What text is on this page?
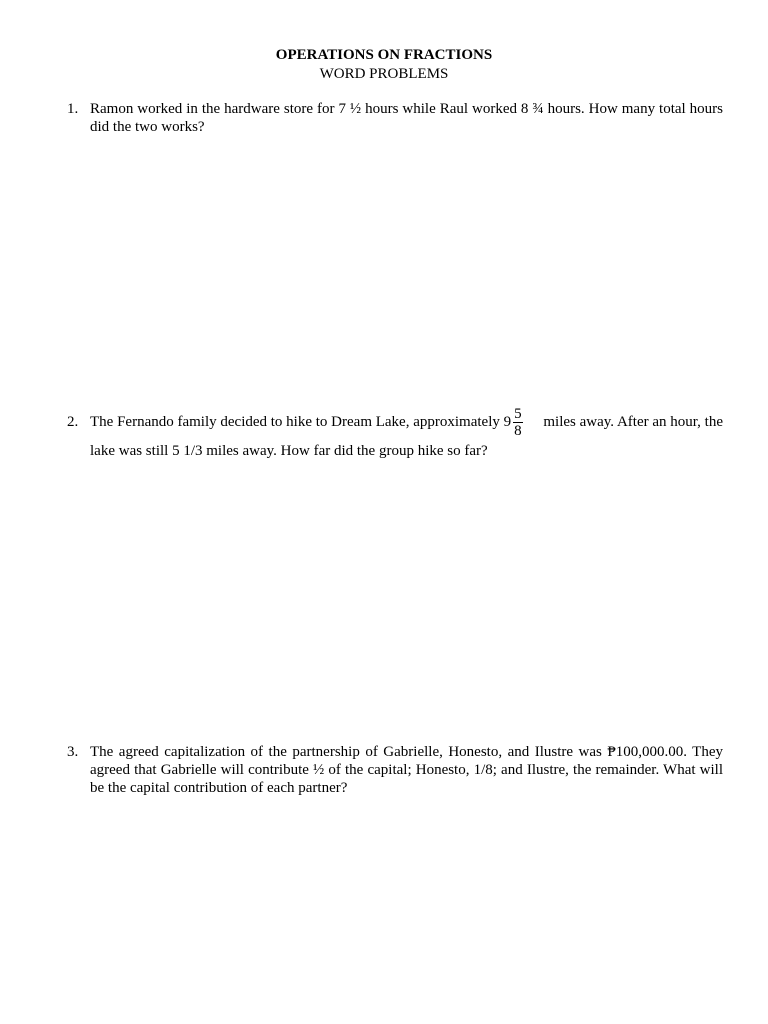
OPERATIONS ON FRACTIONS
WORD PROBLEMS
1. Ramon worked in the hardware store for 7 ½ hours while Raul worked 8 ¾ hours. How many total hours did the two works?
2. The Fernando family decided to hike to Dream Lake, approximately $9 \frac{5}{8}$ miles away. After an hour, the
lake was still 5 1/3 miles away. How far did the group hike so far?
3. The agreed capitalization of the partnership of Gabrielle, Honesto, and Ilustre was ₱100,000.00. They agreed that Gabrielle will contribute ½ of the capital; Honesto, 1/8; and Ilustre, the remainder. What will be the capital contribution of each partner?
